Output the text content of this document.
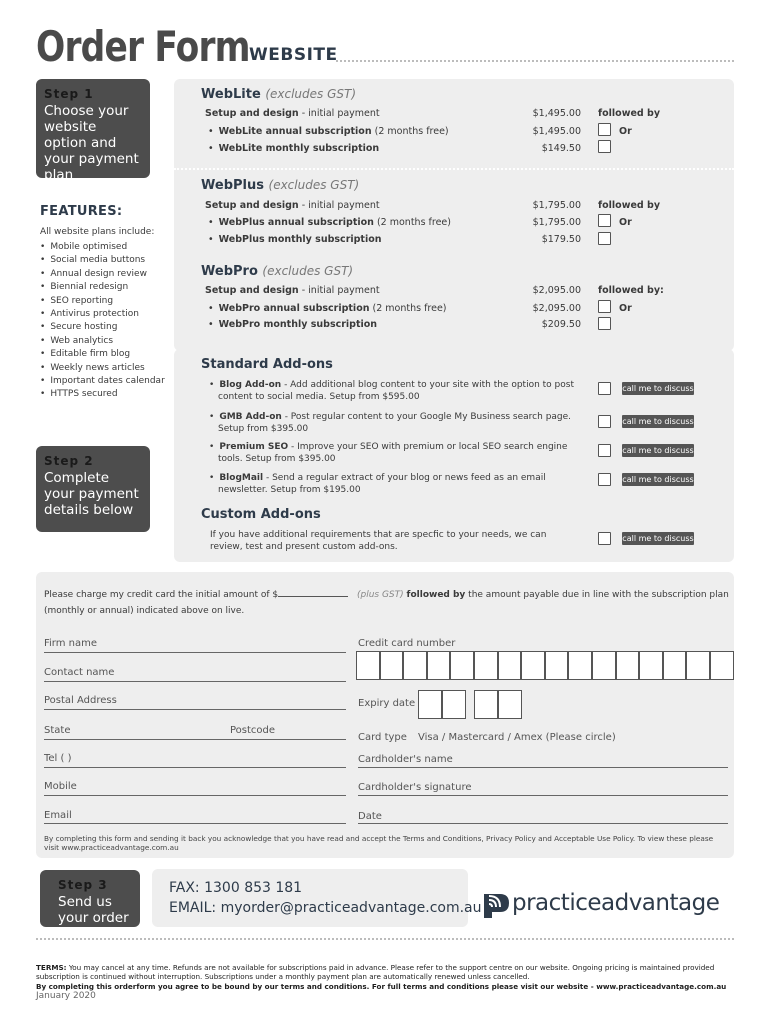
Order Form WEBSITE
Step 1
Choose your website option and your payment plan
FEATURES:
All website plans include:
• Mobile optimised
• Social media buttons
• Annual design review
• Biennial redesign
• SEO reporting
• Antivirus protection
• Secure hosting
• Web analytics
• Editable firm blog
• Weekly news articles
• Important dates calendar
• HTTPS secured
Step 2
Complete your payment details below
WebLite (excludes GST)
Setup and design - initial payment	$1,495.00 followed by
• WebLite annual subscription (2 months free)	$1,495.00	Or
• WebLite monthly subscription	$149.50
WebPlus (excludes GST)
Setup and design - initial payment	$1,795.00 followed by
• WebPlus annual subscription (2 months free)	$1,795.00	Or
• WebPlus monthly subscription	$179.50
WebPro (excludes GST)
Setup and design - initial payment	$2,095.00 followed by:
• WebPro annual subscription (2 months free)	$2,095.00	Or
• WebPro monthly subscription	$209.50
Standard Add-ons
• Blog Add-on - Add additional blog content to your site with the option to post content to social media. Setup from $595.00
call me to discuss
• GMB Add-on - Post regular content to your Google My Business search page. Setup from $395.00
call me to discuss
• Premium SEO - Improve your SEO with premium or local SEO search engine tools. Setup from $395.00
call me to discuss
• BlogMail - Send a regular extract of your blog or news feed as an email newsletter. Setup from $195.00
call me to discuss
Custom Add-ons
If you have additional requirements that are specfic to your needs, we can review, test and present custom add-ons.
call me to discuss
Please charge my credit card the initial amount of $	(plus GST) followed by the amount payable due in line with the subscription plan
(monthly or annual) indicated above on live.
Firm name	Credit card number
Contact name
Postal Address	Expiry date
State	Postcode
Card type Visa / Mastercard / Amex (Please circle)
Tel ( )	Cardholder's name
Mobile	Cardholder's signature
Email	Date
By completing this form and sending it back you acknowledge that you have read and accept the Terms and Conditions, Privacy Policy and Acceptable Use Policy. To view these please visit www.practiceadvantage.com.au
Step 3
Send us your order
FAX: 1300 853 181
EMAIL: myorder@practiceadvantage.com.au practiceadvantage
TERMS: You may cancel at any time. Refunds are not available for subscriptions paid in advance. Please refer to the support centre on our website. Ongoing pricing is maintained provided subscription is continued without interruption. Subscriptions under a monthly payment plan are automatically renewed unless cancelled.
By completing this orderform you agree to be bound by our terms and conditions. For full terms and conditions please visit our website - www.practiceadvantage.com.au January 2020
